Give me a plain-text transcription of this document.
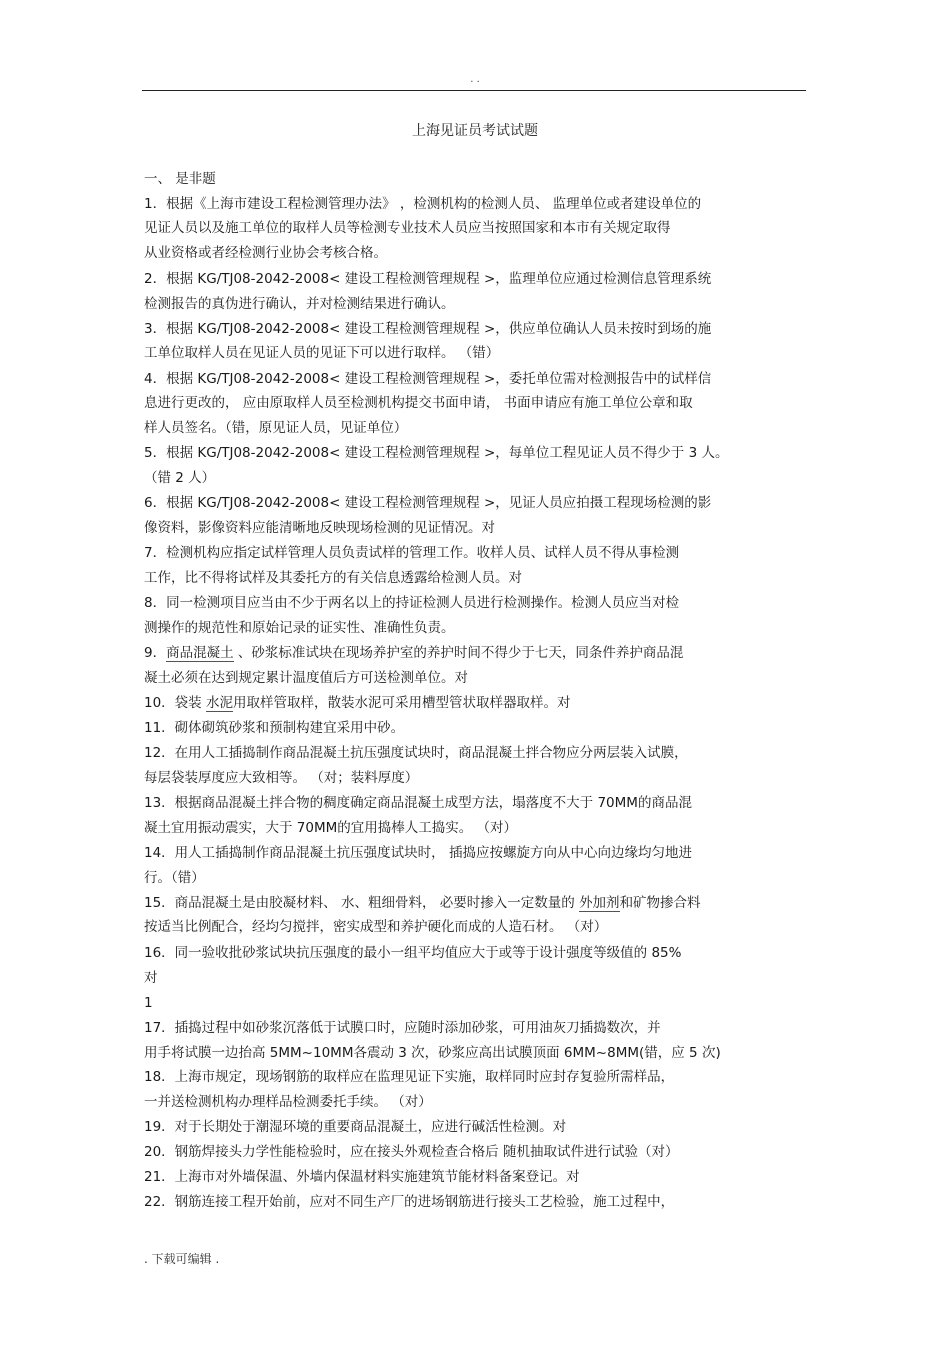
. .
上海见证员考试试题
一、 是非题
1．根据《上海市建设工程检测管理办法》 ，检测机构的检测人员、 监理单位或者建设单位的
见证人员以及施工单位的取样人员等检测专业技术人员应当按照国家和本市有关规定取得
从业资格或者经检测行业协会考核合格。
2．根据 KG/TJ08-2042-2008< 建设工程检测管理规程 >，监理单位应通过检测信息管理系统
检测报告的真伪进行确认，并对检测结果进行确认。
3．根据 KG/TJ08-2042-2008< 建设工程检测管理规程 >，供应单位确认人员未按时到场的施
工单位取样人员在见证人员的见证下可以进行取样。 （错）
4．根据 KG/TJ08-2042-2008< 建设工程检测管理规程 >，委托单位需对检测报告中的试样信
息进行更改的， 应由原取样人员至检测机构提交书面申请， 书面申请应有施工单位公章和取
样人员签名。（错，原见证人员，见证单位）
5．根据 KG/TJ08-2042-2008< 建设工程检测管理规程 >，每单位工程见证人员不得少于 3 人。
（错 2 人）
6．根据 KG/TJ08-2042-2008< 建设工程检测管理规程 >，见证人员应拍摄工程现场检测的影
像资料，影像资料应能清晰地反映现场检测的见证情况。对
7．检测机构应指定试样管理人员负责试样的管理工作。收样人员、试样人员不得从事检测
工作，比不得将试样及其委托方的有关信息透露给检测人员。对
8．同一检测项目应当由不少于两名以上的持证检测人员进行检测操作。检测人员应当对检
测操作的规范性和原始记录的证实性、准确性负责。
9．商品混凝土 、砂浆标准试块在现场养护室的养护时间不得少于七天，同条件养护商品混
凝土必须在达到规定累计温度值后方可送检测单位。对
10．袋装 水泥用取样管取样，散装水泥可采用槽型管状取样器取样。对
11．砌体砌筑砂浆和预制构建宜采用中砂。
12．在用人工插捣制作商品混凝土抗压强度试块时，商品混凝土拌合物应分两层装入试膜，
每层袋装厚度应大致相等。 （对；装料厚度）
13．根据商品混凝土拌合物的稠度确定商品混凝土成型方法，塌落度不大于 70MM的商品混
凝土宜用振动震实，大于 70MM的宜用捣棒人工捣实。 （对）
14．用人工插捣制作商品混凝土抗压强度试块时， 插捣应按螺旋方向从中心向边缘均匀地进
行。（错）
15．商品混凝土是由胶凝材料、 水、粗细骨料， 必要时掺入一定数量的 外加剂和矿物掺合料
按适当比例配合，经均匀搅拌，密实成型和养护硬化而成的人造石材。 （对）
16．同一验收批砂浆试块抗压强度的最小一组平均值应大于或等于设计强度等级值的 85%
对
1
17．插捣过程中如砂浆沉落低于试膜口时，应随时添加砂浆，可用油灰刀插捣数次，并
用手将试膜一边抬高 5MM~10MM各震动 3 次，砂浆应高出试膜顶面 6MM~8MM(错，应 5 次)
18．上海市规定，现场钢筋的取样应在监理见证下实施，取样同时应封存复验所需样品，
一并送检测机构办理样品检测委托手续。 （对）
19．对于长期处于潮湿环境的重要商品混凝土，应进行碱活性检测。对
20．钢筋焊接头力学性能检验时，应在接头外观检查合格后 随机抽取试件进行试验（对）
21．上海市对外墙保温、外墙内保温材料实施建筑节能材料备案登记。对
22．钢筋连接工程开始前，应对不同生产厂的进场钢筋进行接头工艺检验，施工过程中，
. 下载可编辑 .
